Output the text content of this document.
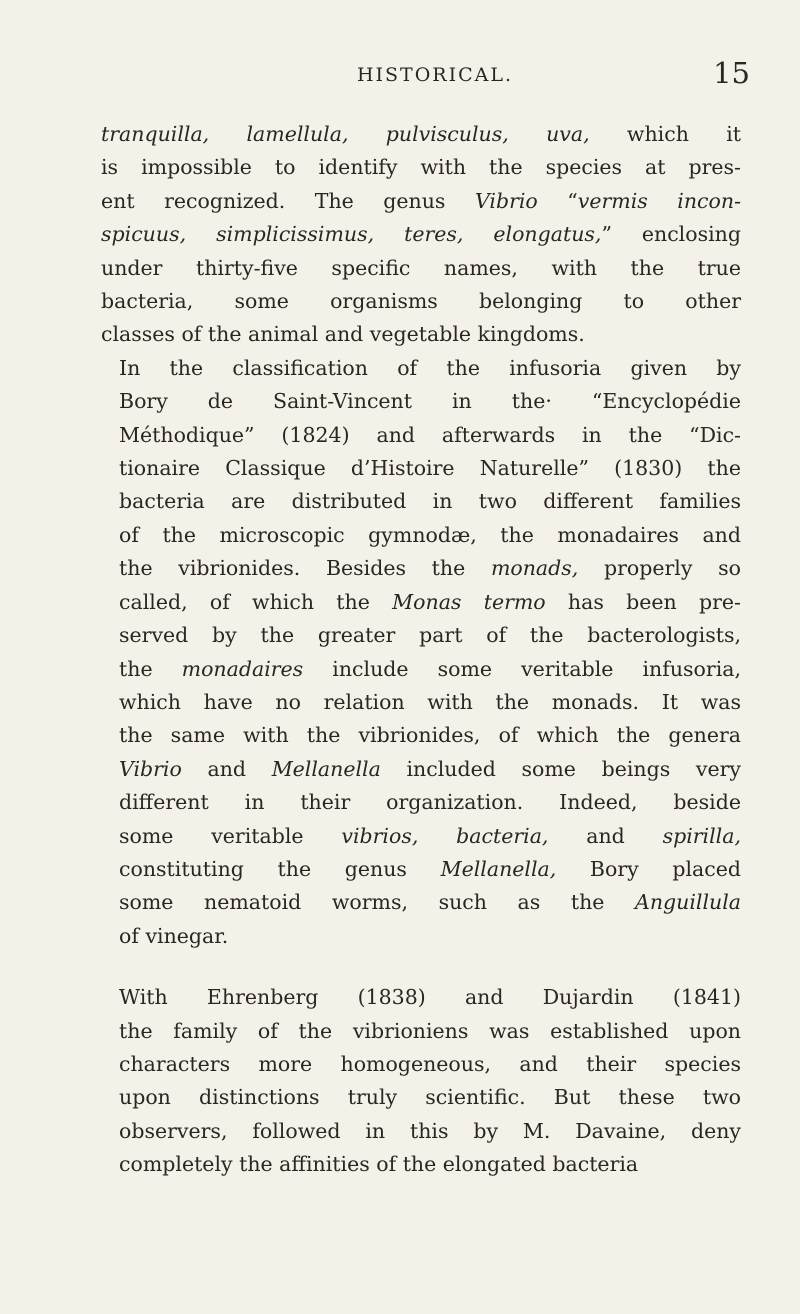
HISTORICAL.	15

tranquilla, lamellula, pulvisculus, uva, which it
is impossible to identify with the species at pres-
ent recognized. The genus Vibrio “vermis incon-
spicuus, simplicissimus, teres, elongatus,” enclosing
under thirty-five specific names, with the true
bacteria, some organisms belonging to other
classes of the animal and vegetable kingdoms.

In the classification of the infusoria given by
Bory de Saint-Vincent in the· “Encyclopédie
Méthodique” (1824) and afterwards in the “Dic-
tionaire Classique d’Histoire Naturelle” (1830) the
bacteria are distributed in two different families
of the microscopic gymnodæ, the monadaires and
the vibrionides. Besides the monads, properly so
called, of which the Monas termo has been pre-
served by the greater part of the bacterologists,
the monadaires include some veritable infusoria,
which have no relation with the monads. It was
the same with the vibrionides, of which the genera
Vibrio and Mellanella included some beings very
different in their organization. Indeed, beside
some veritable vibrios, bacteria, and spirilla,
constituting the genus Mellanella, Bory placed
some nematoid worms, such as the Anguillula
of vinegar.

With Ehrenberg (1838) and Dujardin (1841)
the family of the vibrioniens was established upon
characters more homogeneous, and their species
upon distinctions truly scientific. But these two
observers, followed in this by M. Davaine, deny
completely the affinities of the elongated bacteria
